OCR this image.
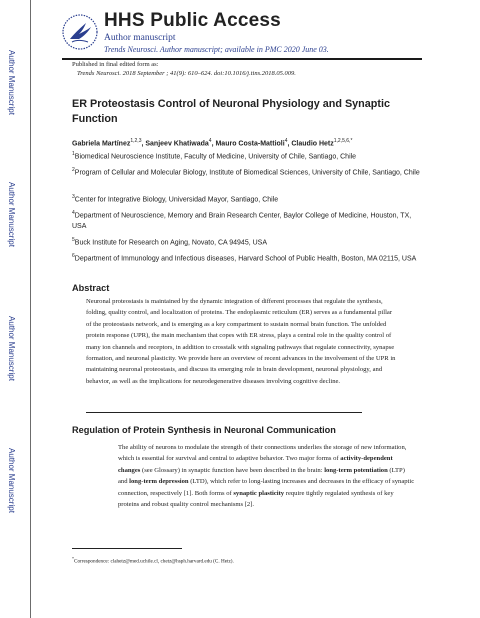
Author Manuscript
Author Manuscript
Author Manuscript
Author Manuscript
HHS Public Access
Author manuscript
Trends Neurosci. Author manuscript; available in PMC 2020 June 03.
Published in final edited form as:
Trends Neurosci. 2018 September ; 41(9): 610–624. doi:10.1016/j.tins.2018.05.009.
ER Proteostasis Control of Neuronal Physiology and Synaptic Function
Gabriela Martínez$^{1,2,3}$, Sanjeev Khatiwada$^4$, Mauro Costa-Mattioli$^4$, Claudio Hetz$^{1,2,5,6,*}$
$^1$Biomedical Neuroscience Institute, Faculty of Medicine, University of Chile, Santiago, Chile
$^2$Program of Cellular and Molecular Biology, Institute of Biomedical Sciences, University of Chile, Santiago, Chile
$^3$Center for Integrative Biology, Universidad Mayor, Santiago, Chile
$^4$Department of Neuroscience, Memory and Brain Research Center, Baylor College of Medicine, Houston, TX, USA
$^5$Buck Institute for Research on Aging, Novato, CA 94945, USA
$^6$Department of Immunology and Infectious diseases, Harvard School of Public Health, Boston, MA 02115, USA
Abstract
Neuronal proteostasis is maintained by the dynamic integration of different processes that regulate the synthesis, folding, quality control, and localization of proteins. The endoplasmic reticulum (ER) serves as a fundamental pillar of the proteostasis network, and is emerging as a key compartment to sustain normal brain function. The unfolded protein response (UPR), the main mechanism that copes with ER stress, plays a central role in the quality control of many ion channels and receptors, in addition to crosstalk with signaling pathways that regulate connectivity, synapse formation, and neuronal plasticity. We provide here an overview of recent advances in the involvement of the UPR in maintaining neuronal proteostasis, and discuss its emerging role in brain development, neuronal physiology, and behavior, as well as the implications for neurodegenerative diseases involving cognitive decline.
Regulation of Protein Synthesis in Neuronal Communication
The ability of neurons to modulate the strength of their connections underlies the storage of new information, which is essential for survival and central to adaptive behavior. Two major forms of activity-dependent changes (see Glossary) in synaptic function have been described in the brain: long-term potentiation (LTP) and long-term depression (LTD), which refer to long-lasting increases and decreases in the efficacy of synaptic connection, respectively [1]. Both forms of synaptic plasticity require tightly regulated synthesis of key proteins and robust quality control mechanisms [2].
*Correspondence: clahetz@med.uchile.cl, chetz@hsph.harvard.edu (C. Hetz).
